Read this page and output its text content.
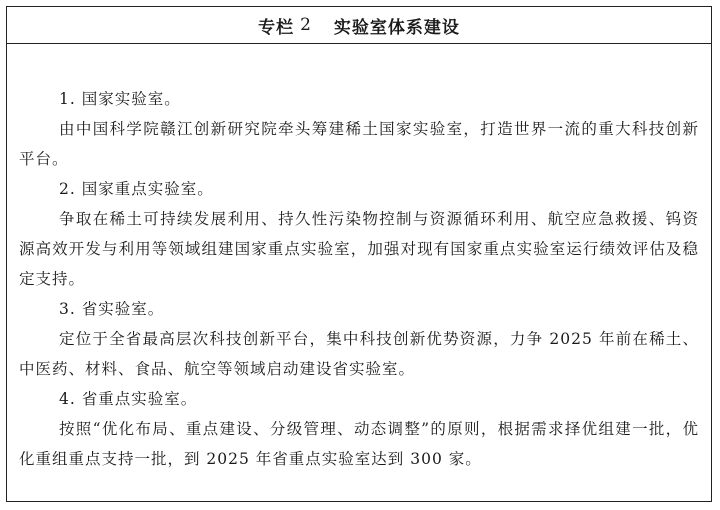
专栏 2 实验室体系建设
1. 国家实验室。
由中国科学院赣江创新研究院牵头筹建稀土国家实验室，打造世界一流的重大科技创新平台。
2. 国家重点实验室。
争取在稀土可持续发展利用、持久性污染物控制与资源循环利用、航空应急救援、钨资源高效开发与利用等领域组建国家重点实验室，加强对现有国家重点实验室运行绩效评估及稳定支持。
3. 省实验室。
定位于全省最高层次科技创新平台，集中科技创新优势资源，力争 2025 年前在稀土、中医药、材料、食品、航空等领域启动建设省实验室。
4. 省重点实验室。
按照“优化布局、重点建设、分级管理、动态调整”的原则，根据需求择优组建一批，优化重组重点支持一批，到 2025 年省重点实验室达到 300 家。
